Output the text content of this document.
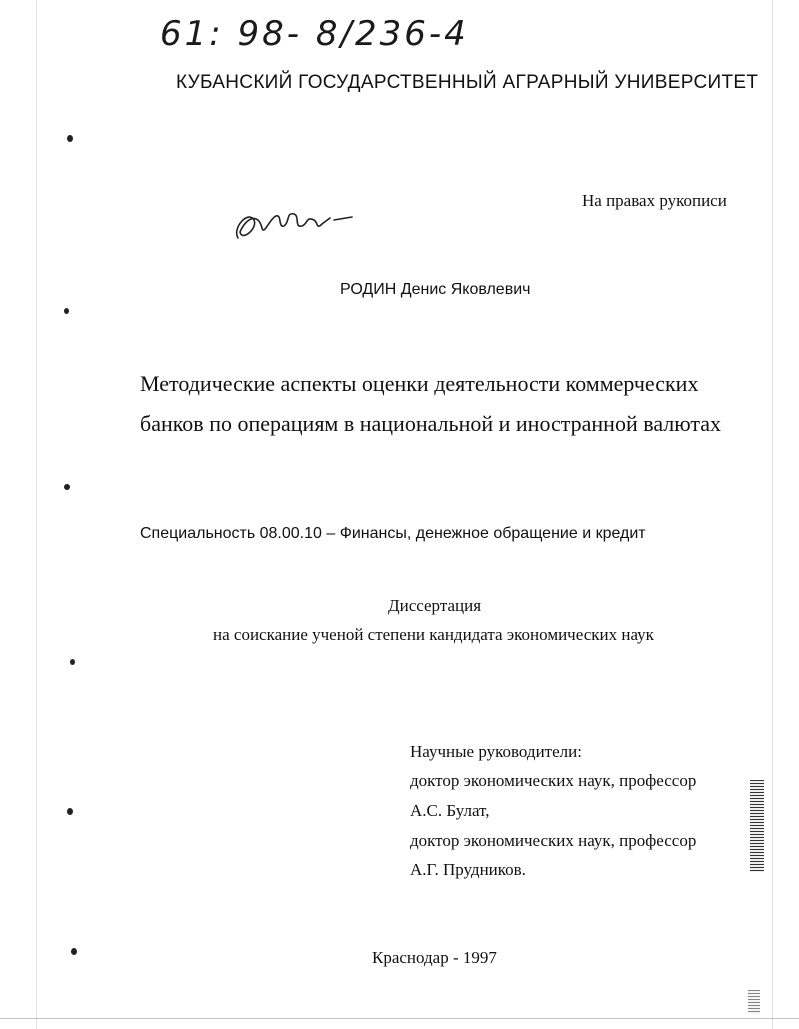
61: 98- 8/236-4
КУБАНСКИЙ ГОСУДАРСТВЕННЫЙ АГРАРНЫЙ УНИВЕРСИТЕТ
На правах рукописи
РОДИН Денис Яковлевич
Методические аспекты оценки деятельности коммерческих
банков по операциям в национальной и иностранной валютах
Специальность 08.00.10 – Финансы, денежное обращение и кредит
Диссертация
на соискание ученой степени кандидата экономических наук
Научные руководители:
доктор экономических наук, профессор
А.С. Булат,
доктор экономических наук, профессор
А.Г. Прудников.
Краснодар - 1997
